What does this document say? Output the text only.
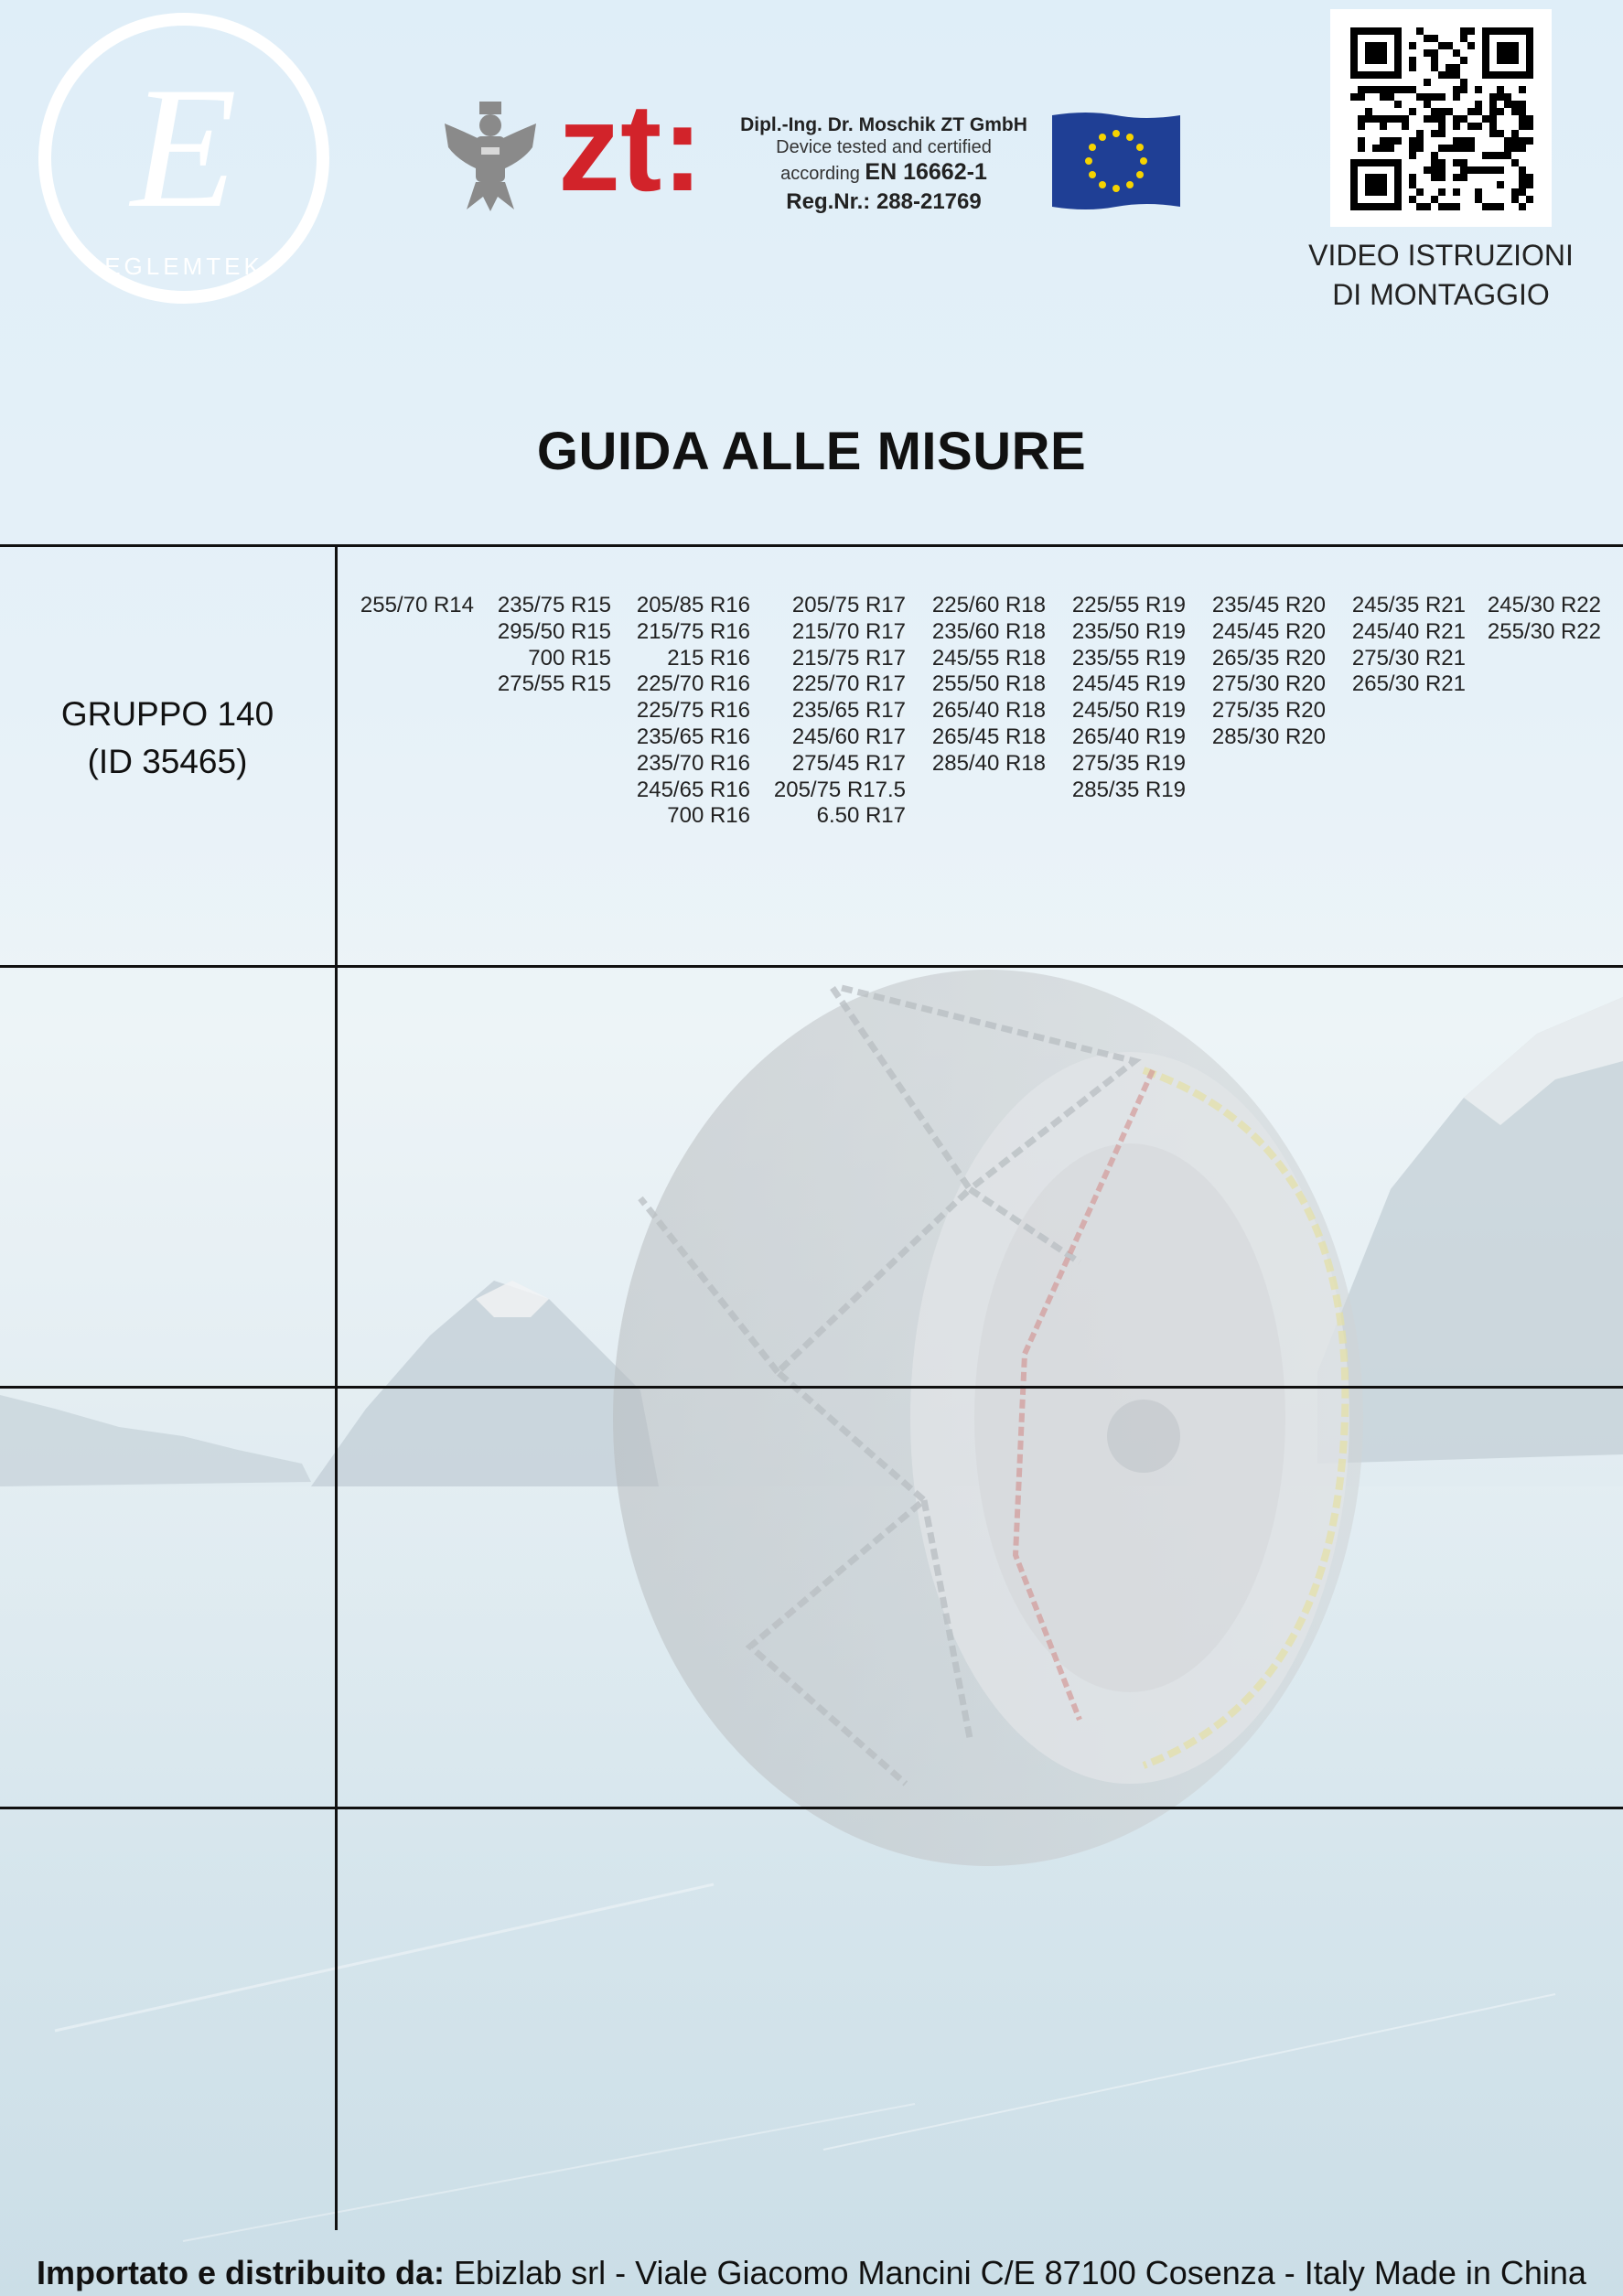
E
EGLEMTEK
zt: Dipl.-Ing. Dr. Moschik ZT GmbH
Device tested and certified
according EN 16662-1
Reg.Nr.: 288-21769
VIDEO ISTRUZIONI
DI MONTAGGIO
GUIDA ALLE MISURE
GRUPPO 140
(ID 35465)
255/70 R14 235/75 R15
295/50 R15
700 R15
275/55 R15
205/85 R16
215/75 R16
215 R16
225/70 R16
225/75 R16
235/65 R16
235/70 R16
245/65 R16
700 R16
205/75 R17
215/70 R17
215/75 R17
225/70 R17
235/65 R17
245/60 R17
275/45 R17
205/75 R17.5
6.50 R17
225/60 R18
235/60 R18
245/55 R18
255/50 R18
265/40 R18
265/45 R18
285/40 R18
225/55 R19
235/50 R19
235/55 R19
245/45 R19
245/50 R19
265/40 R19
275/35 R19
285/35 R19
235/45 R20
245/45 R20
265/35 R20
275/30 R20
275/35 R20
285/30 R20
245/35 R21
245/40 R21
275/30 R21
265/30 R21
245/30 R22
255/30 R22
Importato e distribuito da: Ebizlab srl - Viale Giacomo Mancini C/E 87100 Cosenza - Italy Made in China
